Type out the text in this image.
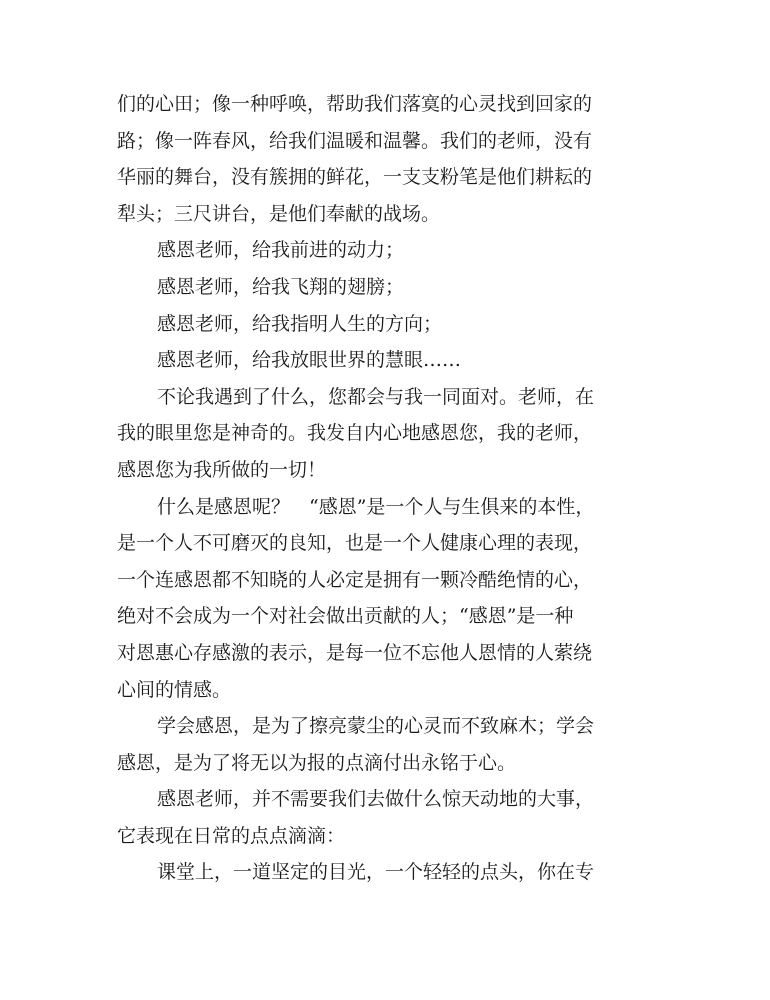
们的心田；像一种呼唤，帮助我们落寞的心灵找到回家的
路；像一阵春风，给我们温暖和温馨。我们的老师，没有
华丽的舞台，没有簇拥的鲜花，一支支粉笔是他们耕耘的
犁头；三尺讲台，是他们奉献的战场。
感恩老师，给我前进的动力；
感恩老师，给我飞翔的翅膀；
感恩老师，给我指明人生的方向；
感恩老师，给我放眼世界的慧眼……
不论我遇到了什么，您都会与我一同面对。老师，在
我的眼里您是神奇的。我发自内心地感恩您，我的老师，
感恩您为我所做的一切！
什么是感恩呢？　“感恩”是一个人与生俱来的本性，
是一个人不可磨灭的良知，也是一个人健康心理的表现，
一个连感恩都不知晓的人必定是拥有一颗冷酷绝情的心，
绝对不会成为一个对社会做出贡献的人；“感恩”是一种
对恩惠心存感激的表示，是每一位不忘他人恩情的人萦绕
心间的情感。
学会感恩，是为了擦亮蒙尘的心灵而不致麻木；学会
感恩，是为了将无以为报的点滴付出永铭于心。
感恩老师，并不需要我们去做什么惊天动地的大事，
它表现在日常的点点滴滴：
课堂上，一道坚定的目光，一个轻轻的点头，你在专
